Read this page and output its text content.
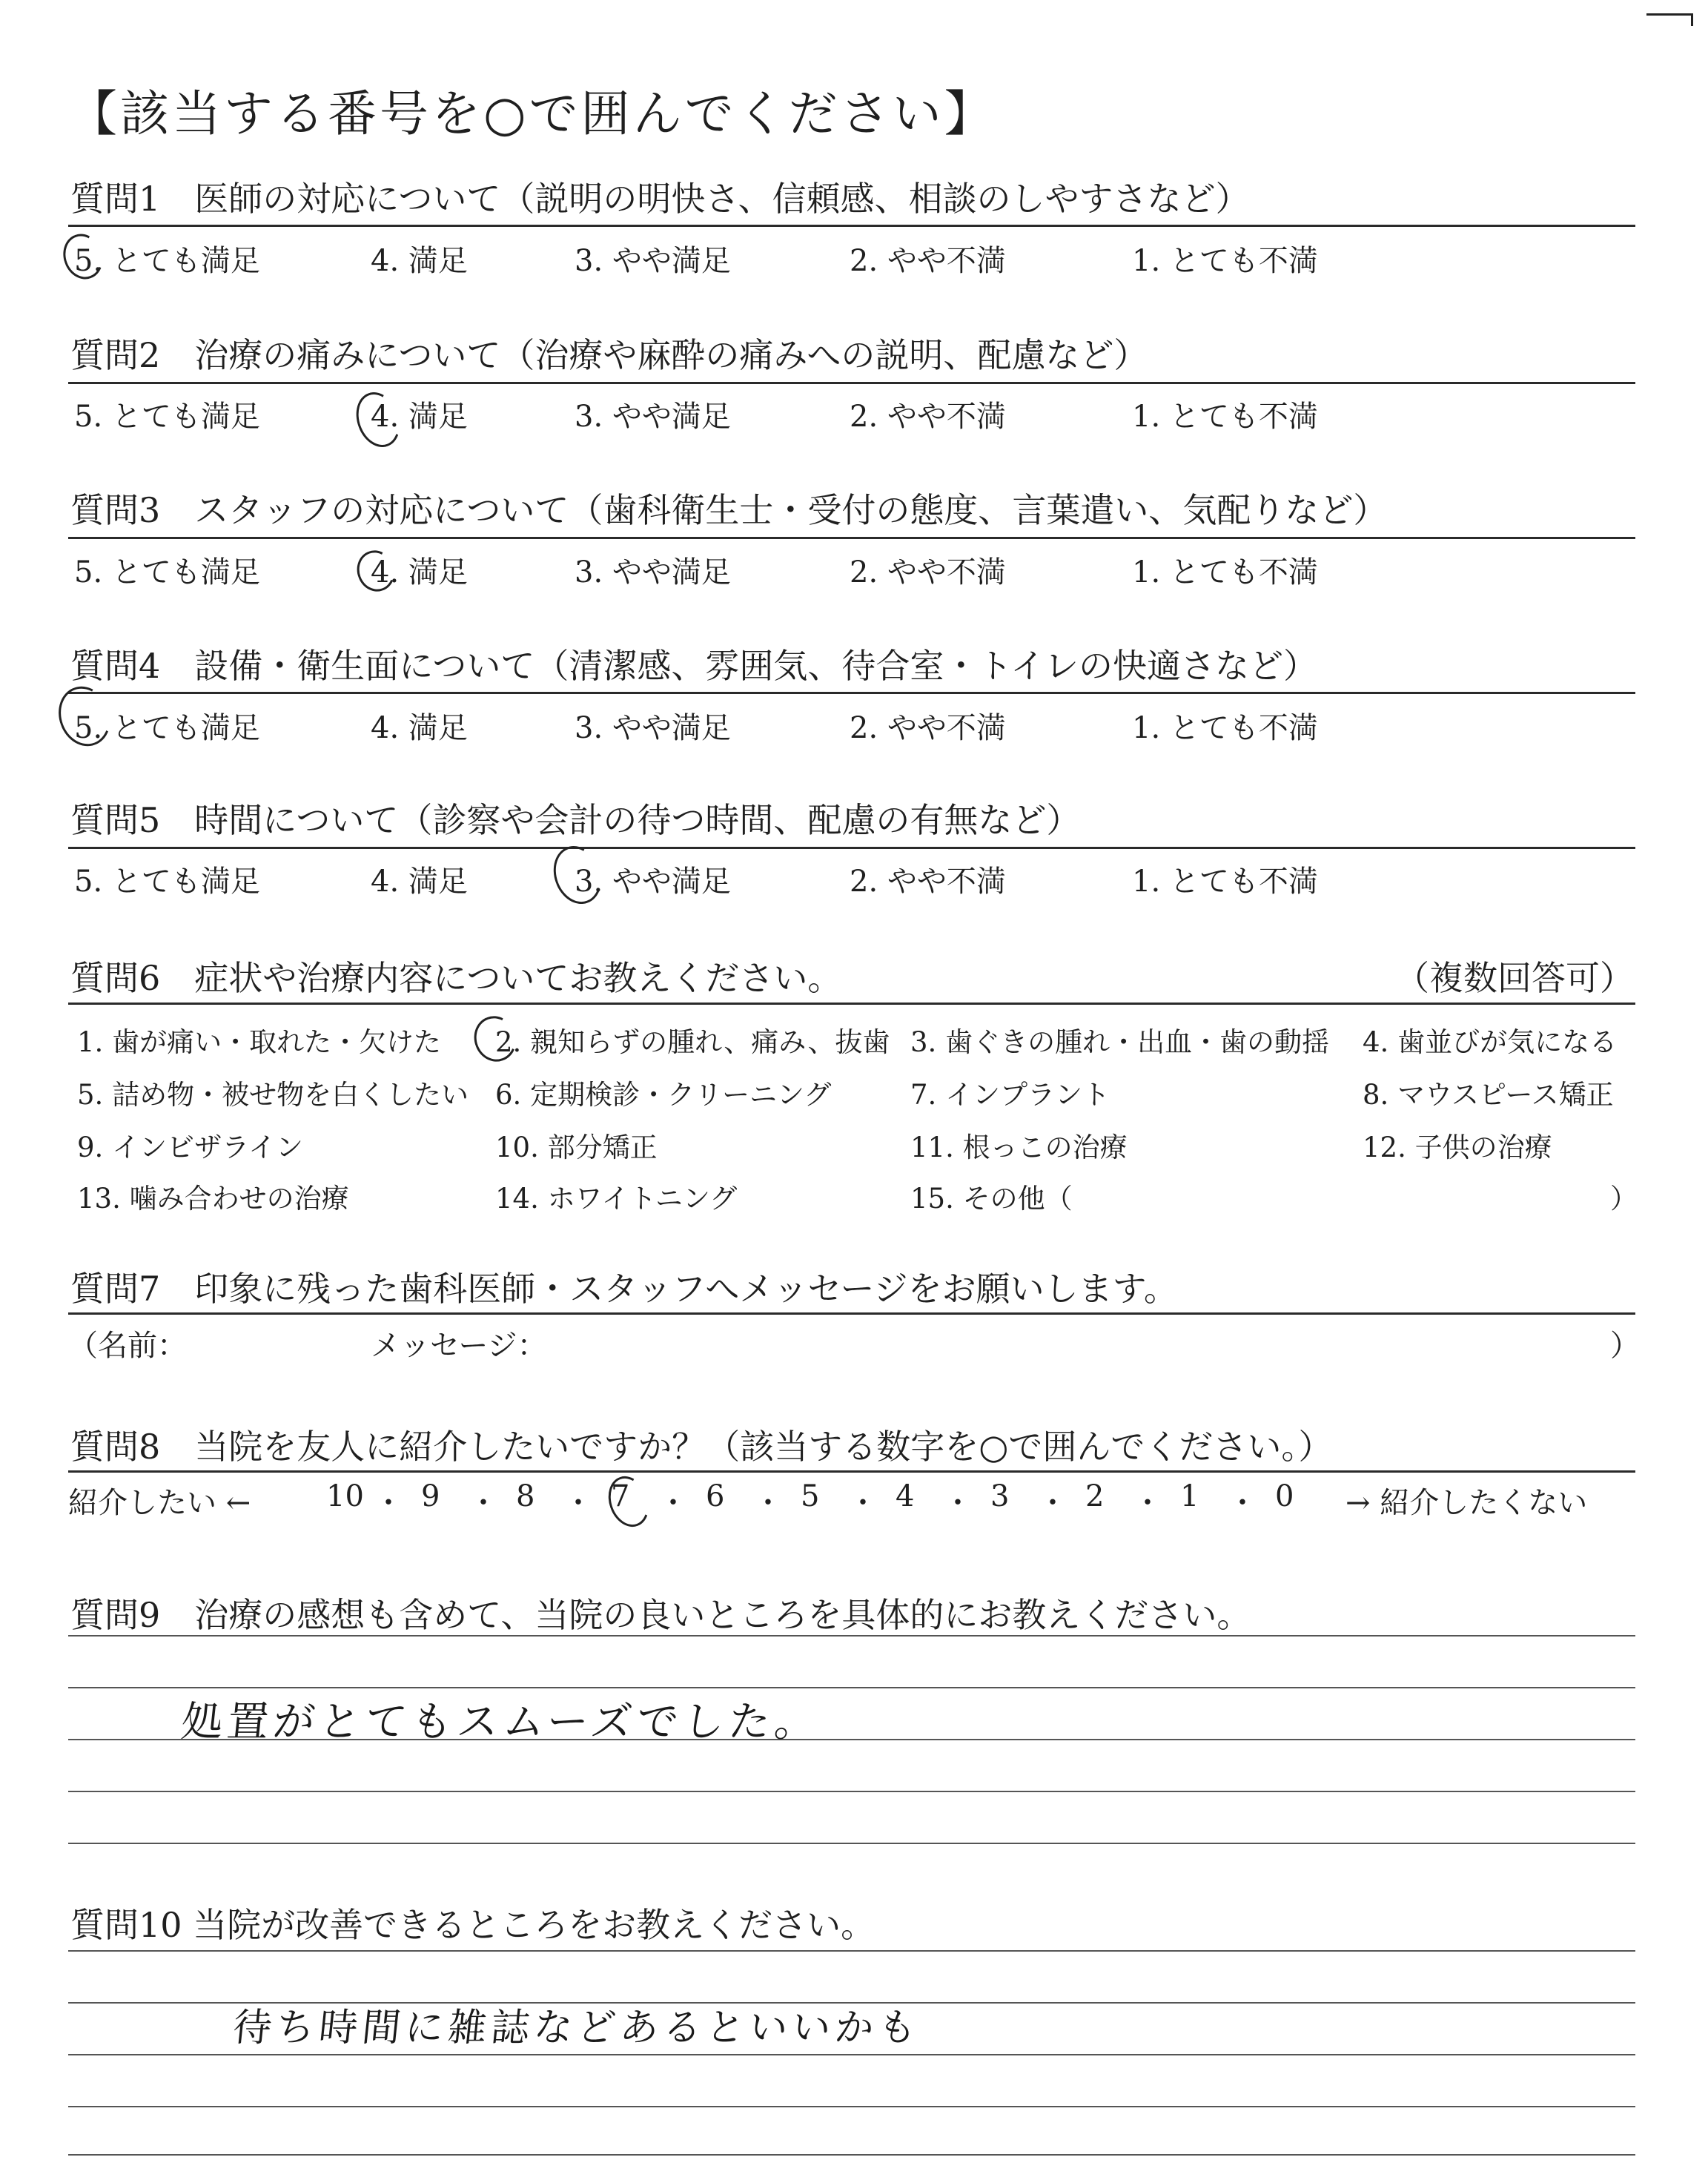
【該当する番号を○で囲んでください】
質問1　医師の対応について（説明の明快さ、信頼感、相談のしやすさなど）
5. とても満足	4. 満足	3. やや満足	2. やや不満	1. とても不満
質問2　治療の痛みについて（治療や麻酔の痛みへの説明、配慮など）
5. とても満足	4. 満足	3. やや満足	2. やや不満	1. とても不満
質問3　スタッフの対応について（歯科衛生士・受付の態度、言葉遣い、気配りなど）
5. とても満足	4. 満足	3. やや満足	2. やや不満	1. とても不満
質問4　設備・衛生面について（清潔感、雰囲気、待合室・トイレの快適さなど）
5. とても満足	4. 満足	3. やや満足	2. やや不満	1. とても不満
質問5　時間について（診察や会計の待つ時間、配慮の有無など）
5. とても満足	4. 満足	3. やや満足	2. やや不満	1. とても不満
質問6　症状や治療内容についてお教えください。	（複数回答可）
1. 歯が痛い・取れた・欠けた 2. 親知らずの腫れ、痛み、抜歯 3. 歯ぐきの腫れ・出血・歯の動揺 4. 歯並びが気になる
5. 詰め物・被せ物を白くしたい 6. 定期検診・クリーニング	7. インプラント	8. マウスピース矯正
9. インビザライン	10. 部分矯正	11. 根っこの治療	12. 子供の治療
13. 噛み合わせの治療	14. ホワイトニング	15. その他（	）
質問7　印象に残った歯科医師・スタッフへメッセージをお願いします。
（名前：	メッセージ：	）
質問8　当院を友人に紹介したいですか？（該当する数字を○で囲んでください。）
紹介したい ←	10 ・ 9 ・ 8 ・ 7 ・ 6 ・ 5 ・ 4 ・ 3 ・ 2 ・ 1 ・ 0 → 紹介したくない
質問9　治療の感想も含めて、当院の良いところを具体的にお教えください。
処置がとてもスムーズでした。
質問10 当院が改善できるところをお教えください。
待ち時間に雑誌などあるといいかも
